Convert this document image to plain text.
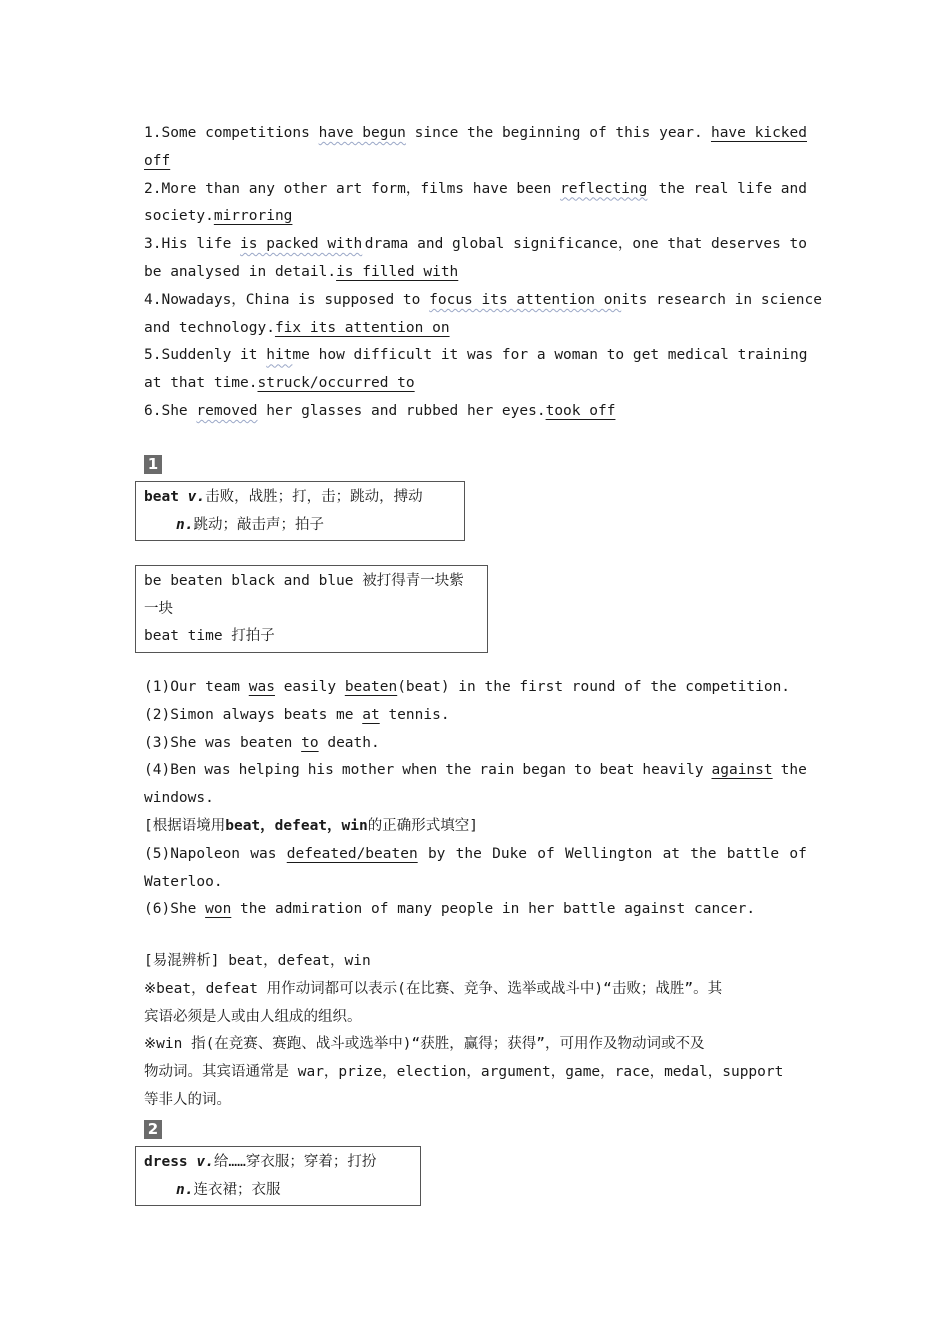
1.Some competitions have begun since the beginning of this year. have kicked
off
2.More than any other art form，films have been reflecting the real life and
society.mirroring
3.His life is packed with drama and global significance，one that deserves to
be analysed in detail.is filled with
4.Nowadays，China is supposed to focus its attention on its research in science
and technology.fix its attention on
5.Suddenly it hit me how difficult it was for a woman to get medical training
at that time.struck/occurred to
6.She removed her glasses and rubbed her eyes.took off
1
beat v.击败，战胜；打，击；跳动，搏动
n.跳动；敲击声；拍子
be beaten black and blue 被打得青一块紫
一块
beat time 打拍子
(1)Our team was easily beaten(beat) in the first round of the competition.
(2)Simon always beats me at tennis.
(3)She was beaten to death.
(4)Ben was helping his mother when the rain began to beat heavily against the
windows.
[根据语境用beat，defeat，win的正确形式填空]
(5)Napoleon was defeated/beaten by the Duke of Wellington at the battle of
Waterloo.
(6)She won the admiration of many people in her battle against cancer.
[易混辨析] beat，defeat，win
※beat，defeat 用作动词都可以表示(在比赛、竞争、选举或战斗中)“击败；战胜”。其
宾语必须是人或由人组成的组织。
※win 指(在竞赛、赛跑、战斗或选举中)“获胜，赢得；获得”，可用作及物动词或不及
物动词。其宾语通常是 war，prize，election，argument，game，race，medal，support
等非人的词。
2
dress v.给……穿衣服；穿着；打扮
n.连衣裙；衣服
